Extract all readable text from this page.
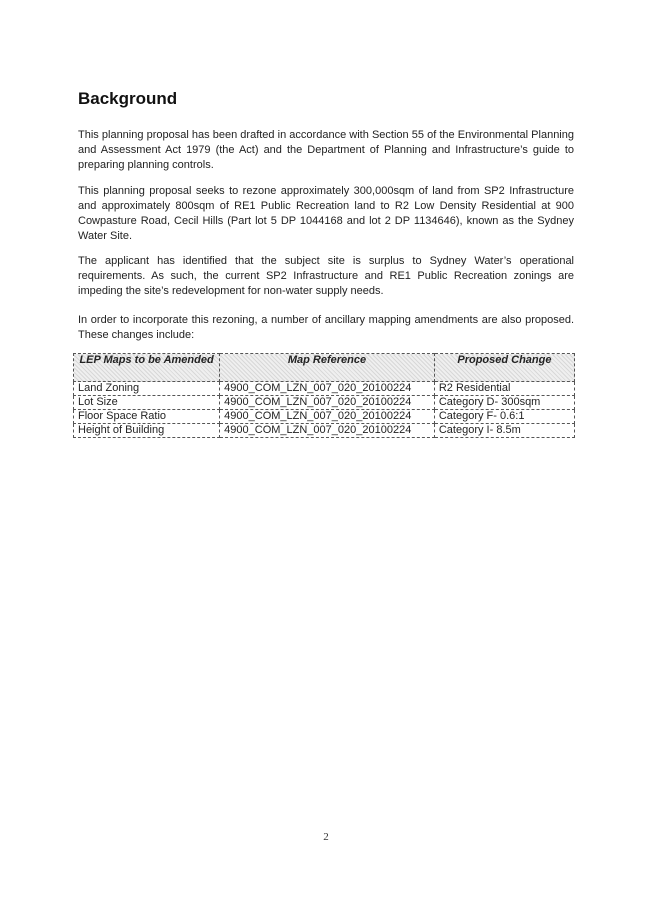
Background

This planning proposal has been drafted in accordance with Section 55 of the Environmental Planning and Assessment Act 1979 (the Act) and the Department of Planning and Infrastructure’s guide to preparing planning controls.

This planning proposal seeks to rezone approximately 300,000sqm of land from SP2 Infrastructure and approximately 800sqm of RE1 Public Recreation land to R2 Low Density Residential at 900 Cowpasture Road, Cecil Hills (Part lot 5 DP 1044168 and lot 2 DP 1134646), known as the Sydney Water Site.

The applicant has identified that the subject site is surplus to Sydney Water’s operational requirements. As such, the current SP2 Infrastructure and RE1 Public Recreation zonings are impeding the site’s redevelopment for non-water supply needs.

In order to incorporate this rezoning, a number of ancillary mapping amendments are also proposed. These changes include:

LEP Maps to be Amended	Map Reference	Proposed Change
Land Zoning	4900_COM_LZN_007_020_20100224	R2 Residential
Lot Size	4900_COM_LZN_007_020_20100224	Category D- 300sqm
Floor Space Ratio	4900_COM_LZN_007_020_20100224	Category F- 0.6:1
Height of Building	4900_COM_LZN_007_020_20100224	Category I- 8.5m
2
